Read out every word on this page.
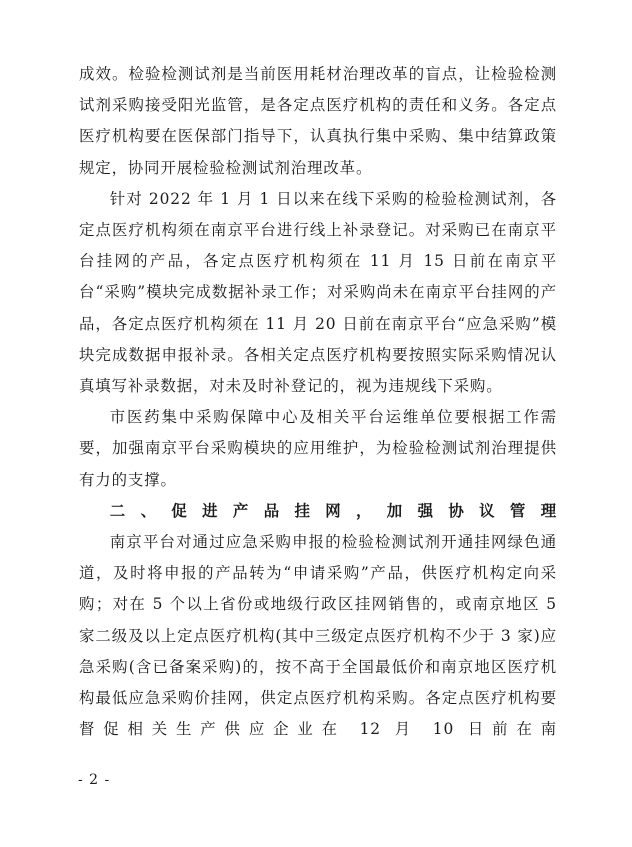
成效。检验检测试剂是当前医用耗材治理改革的盲点，让检验检测试剂采购接受阳光监管，是各定点医疗机构的责任和义务。各定点医疗机构要在医保部门指导下，认真执行集中采购、集中结算政策规定，协同开展检验检测试剂治理改革。

针对 2022 年 1 月 1 日以来在线下采购的检验检测试剂，各定点医疗机构须在南京平台进行线上补录登记。对采购已在南京平台挂网的产品，各定点医疗机构须在 11 月 15 日前在南京平台“采购”模块完成数据补录工作；对采购尚未在南京平台挂网的产品，各定点医疗机构须在 11 月 20 日前在南京平台“应急采购”模块完成数据申报补录。各相关定点医疗机构要按照实际采购情况认真填写补录数据，对未及时补登记的，视为违规线下采购。

市医药集中采购保障中心及相关平台运维单位要根据工作需要，加强南京平台采购模块的应用维护，为检验检测试剂治理提供有力的支撑。

二、促进产品挂网，加强协议管理

南京平台对通过应急采购申报的检验检测试剂开通挂网绿色通道，及时将申报的产品转为“申请采购”产品，供医疗机构定向采购；对在 5 个以上省份或地级行政区挂网销售的，或南京地区 5 家二级及以上定点医疗机构(其中三级定点医疗机构不少于 3 家)应急采购(含已备案采购)的，按不高于全国最低价和南京地区医疗机构最低应急采购价挂网，供定点医疗机构采购。各定点医疗机构要督促相关生产供应企业在 12 月 10 日前在南

- 2 -
